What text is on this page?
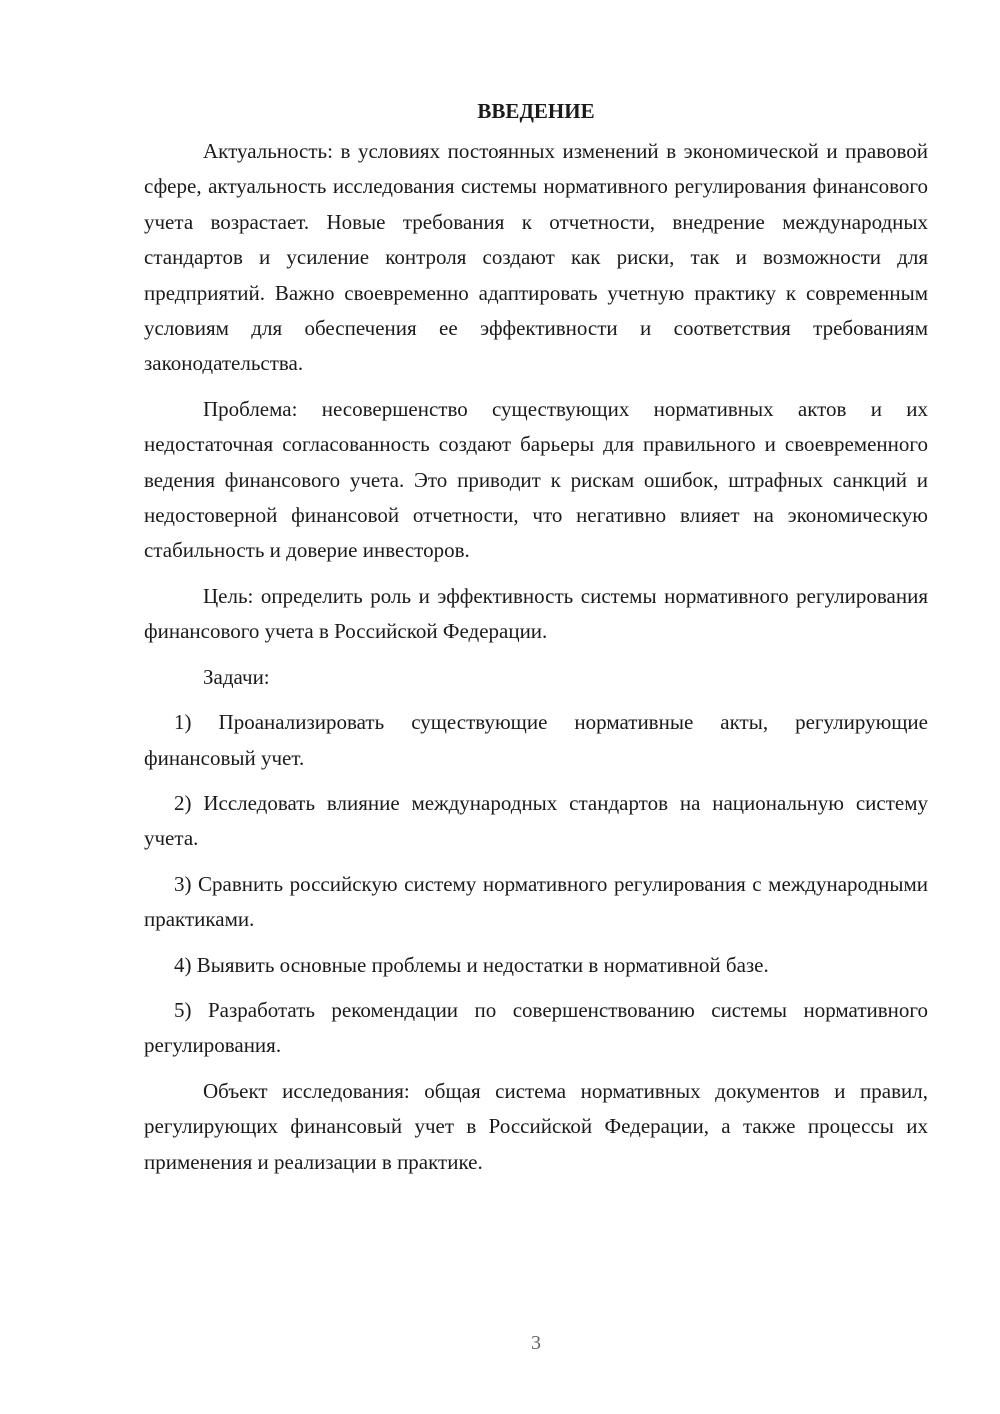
ВВЕДЕНИЕ

Актуальность: в условиях постоянных изменений в экономической и правовой сфере, актуальность исследования системы нормативного регулирования финансового учета возрастает. Новые требования к отчетности, внедрение международных стандартов и усиление контроля создают как риски, так и возможности для предприятий. Важно своевременно адаптировать учетную практику к современным условиям для обеспечения ее эффективности и соответствия требованиям законодательства.

Проблема: несовершенство существующих нормативных актов и их недостаточная согласованность создают барьеры для правильного и своевременного ведения финансового учета. Это приводит к рискам ошибок, штрафных санкций и недостоверной финансовой отчетности, что негативно влияет на экономическую стабильность и доверие инвесторов.

Цель: определить роль и эффективность системы нормативного регулирования финансового учета в Российской Федерации.

Задачи:

1) Проанализировать существующие нормативные акты, регулирующие финансовый учет.

2) Исследовать влияние международных стандартов на национальную систему учета.

3) Сравнить российскую систему нормативного регулирования с международными практиками.

4) Выявить основные проблемы и недостатки в нормативной базе.

5) Разработать рекомендации по совершенствованию системы нормативного регулирования.

Объект исследования: общая система нормативных документов и правил, регулирующих финансовый учет в Российской Федерации, а также процессы их применения и реализации в практике.

3
